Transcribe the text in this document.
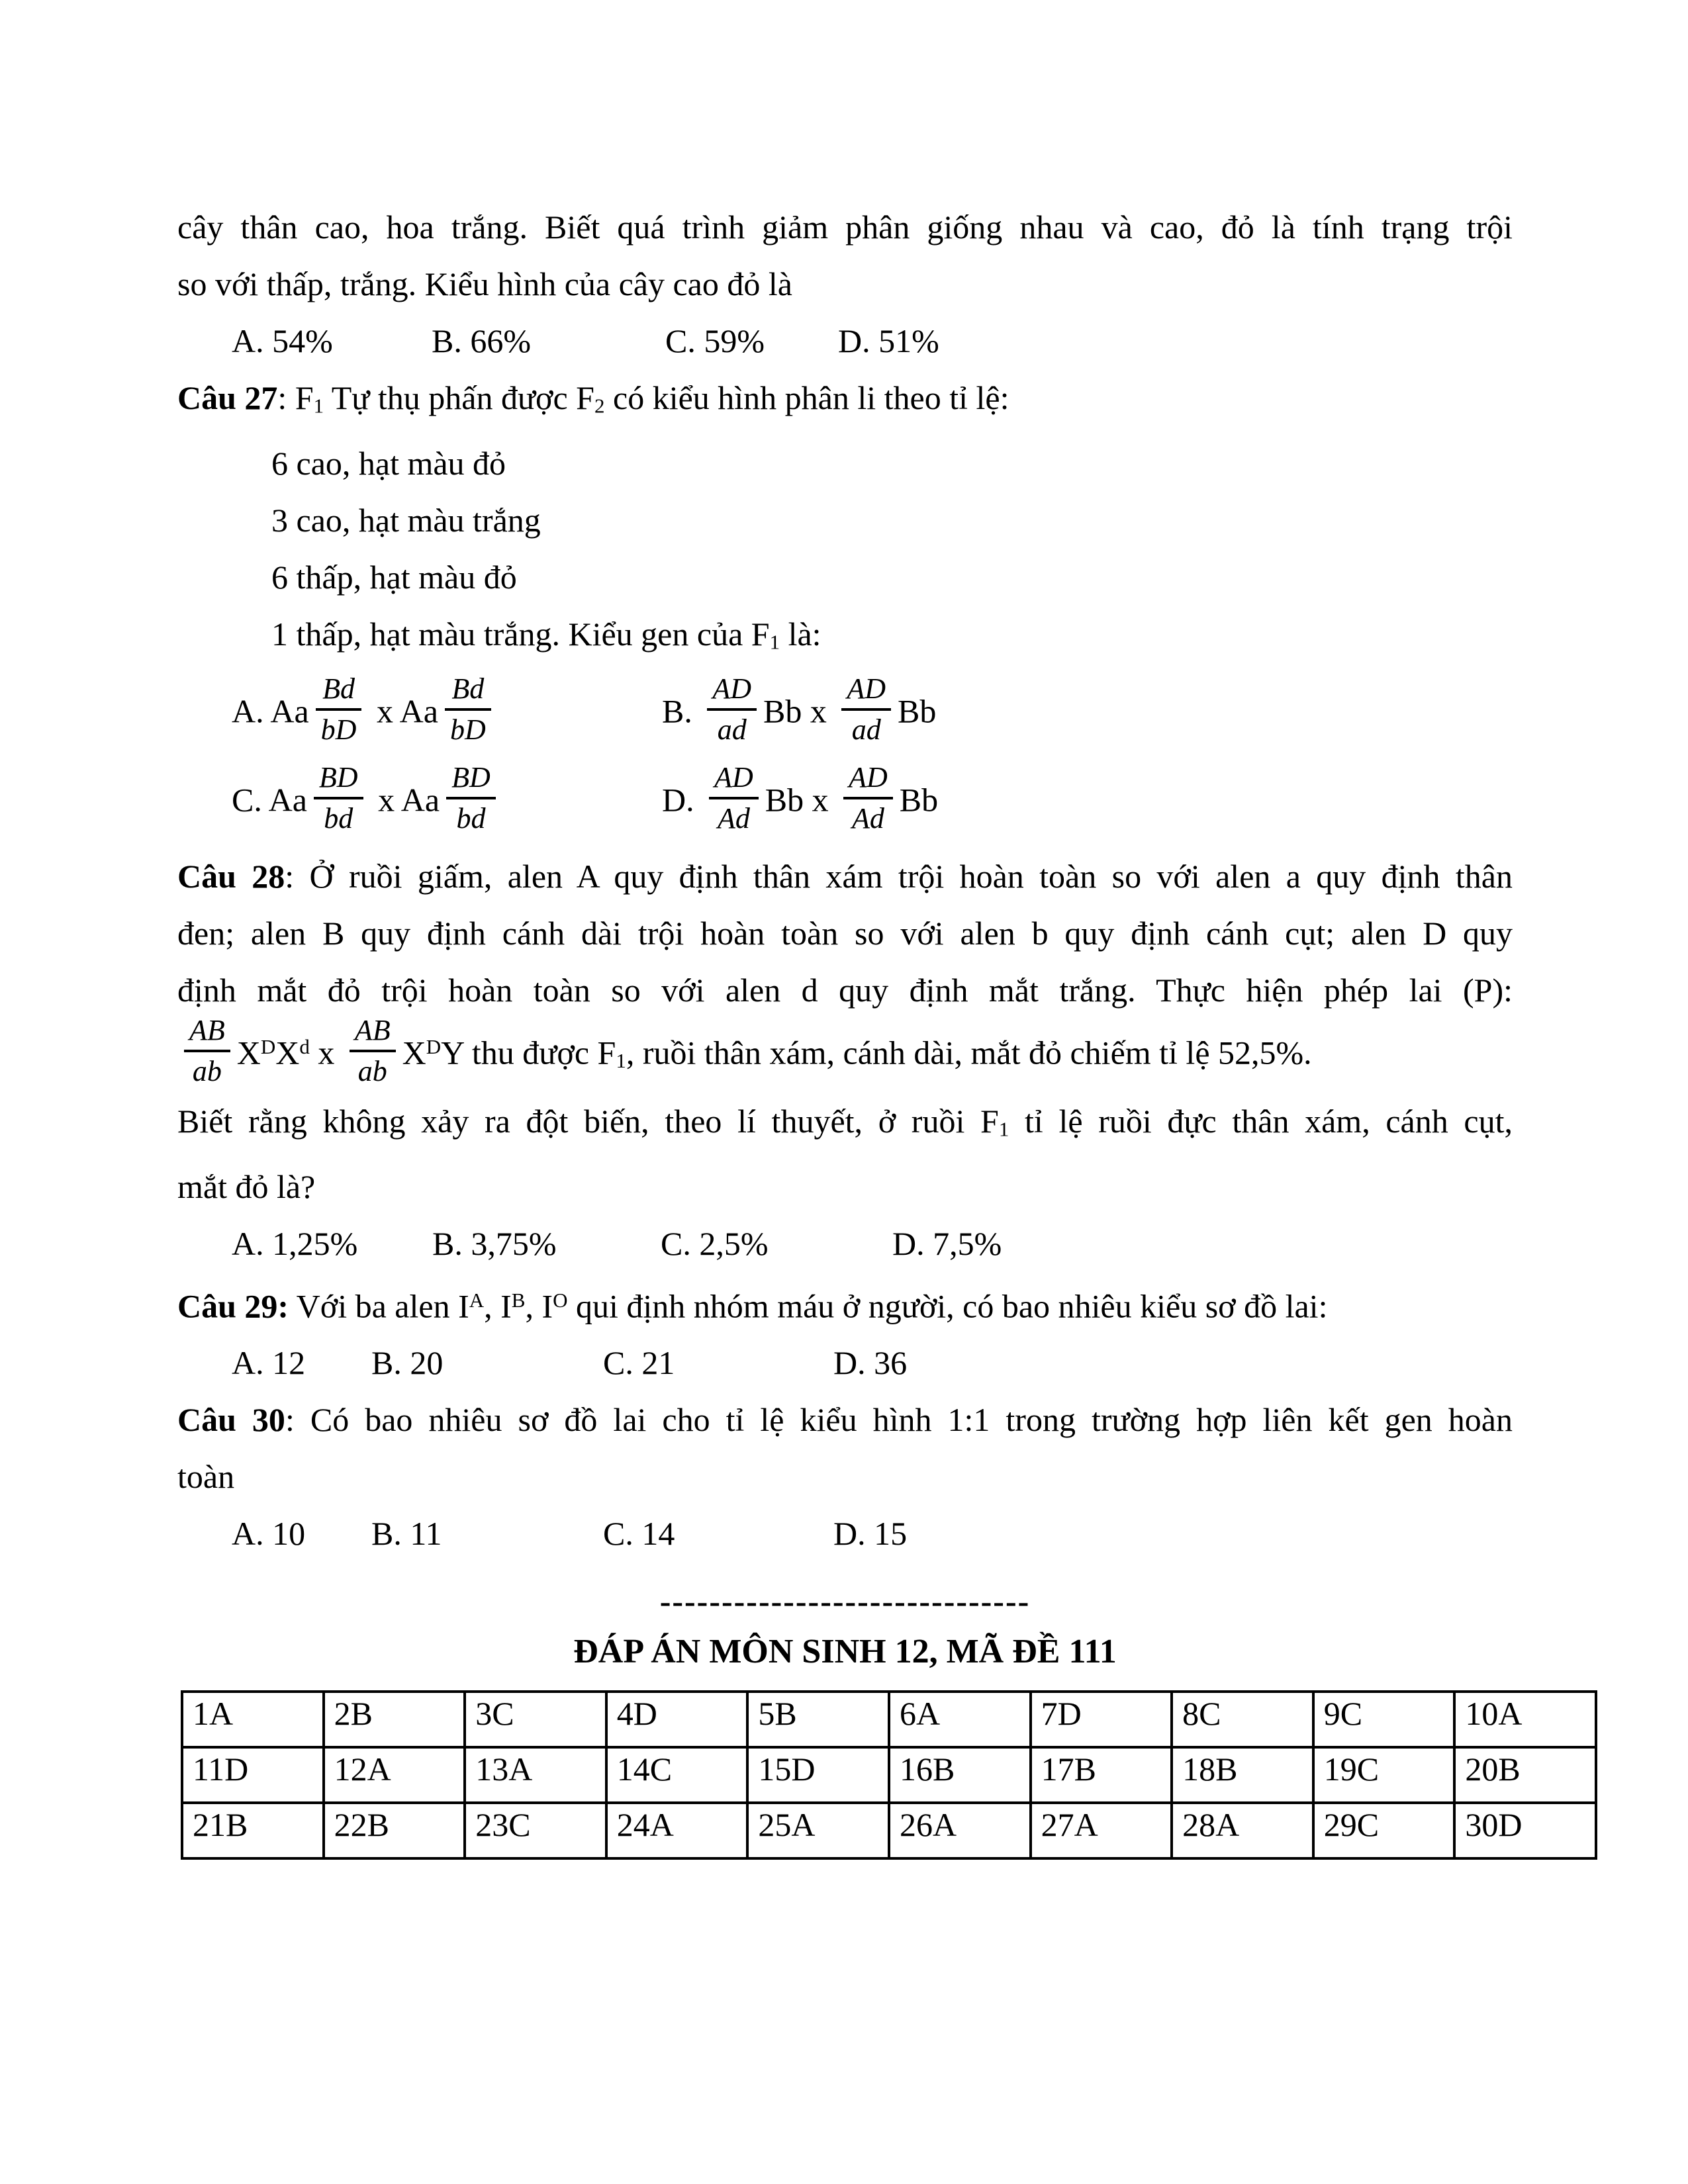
cây thân cao, hoa trắng. Biết quá trình giảm phân giống nhau và cao, đỏ là tính trạng trội
so với thấp, trắng. Kiểu hình của cây cao đỏ là
A. 54%	B. 66%	C. 59% D. 51%
Câu 27: F1 Tự thụ phấn được F2 có kiểu hình phân li theo tỉ lệ:
6 cao, hạt màu đỏ
3 cao, hạt màu trắng
6 thấp, hạt màu đỏ
1 thấp, hạt màu trắng. Kiểu gen của F1 là:
A. Aa $\frac{Bd}{bD}$ x Aa $\frac{Bd}{bD}$	B. $\frac{AD}{ad}$ Bb x $\frac{AD}{ad}$ Bb
C. Aa $\frac{BD}{bd}$ x Aa $\frac{BD}{bd}$	D. $\frac{AD}{Ad}$ Bb x $\frac{AD}{Ad}$ Bb
Câu 28: Ở ruồi giấm, alen A quy định thân xám trội hoàn toàn so với alen a quy định thân
đen; alen B quy định cánh dài trội hoàn toàn so với alen b quy định cánh cụt; alen D quy
định mắt đỏ trội hoàn toàn so với alen d quy định mắt trắng. Thực hiện phép lai (P):
$\frac{AB}{ab} X^DX^d$ x $\frac{AB}{ab} X^DY$ thu được F1, ruồi thân xám, cánh dài, mắt đỏ chiếm tỉ lệ 52,5%.
Biết rằng không xảy ra đột biến, theo lí thuyết, ở ruồi F1 tỉ lệ ruồi đực thân xám, cánh cụt,
mắt đỏ là?
A. 1,25% B. 3,75%	C. 2,5%	D. 7,5%
Câu 29: Với ba alen $I^A$, $I^B$, $I^O$ qui định nhóm máu ở người, có bao nhiêu kiểu sơ đồ lai:
A. 12 B. 20	C. 21	D. 36
Câu 30: Có bao nhiêu sơ đồ lai cho tỉ lệ kiểu hình 1:1 trong trường hợp liên kết gen hoàn
toàn
A. 10 B. 11	C. 14	D. 15
------------------------------
ĐÁP ÁN MÔN SINH 12, MÃ ĐỀ 111
1A	2B	3C	4D	5B	6A	7D	8C	9C	10A
11D	12A	13A	14C	15D	16B	17B	18B	19C	20B
21B	22B	23C	24A	25A	26A	27A	28A	29C	30D
